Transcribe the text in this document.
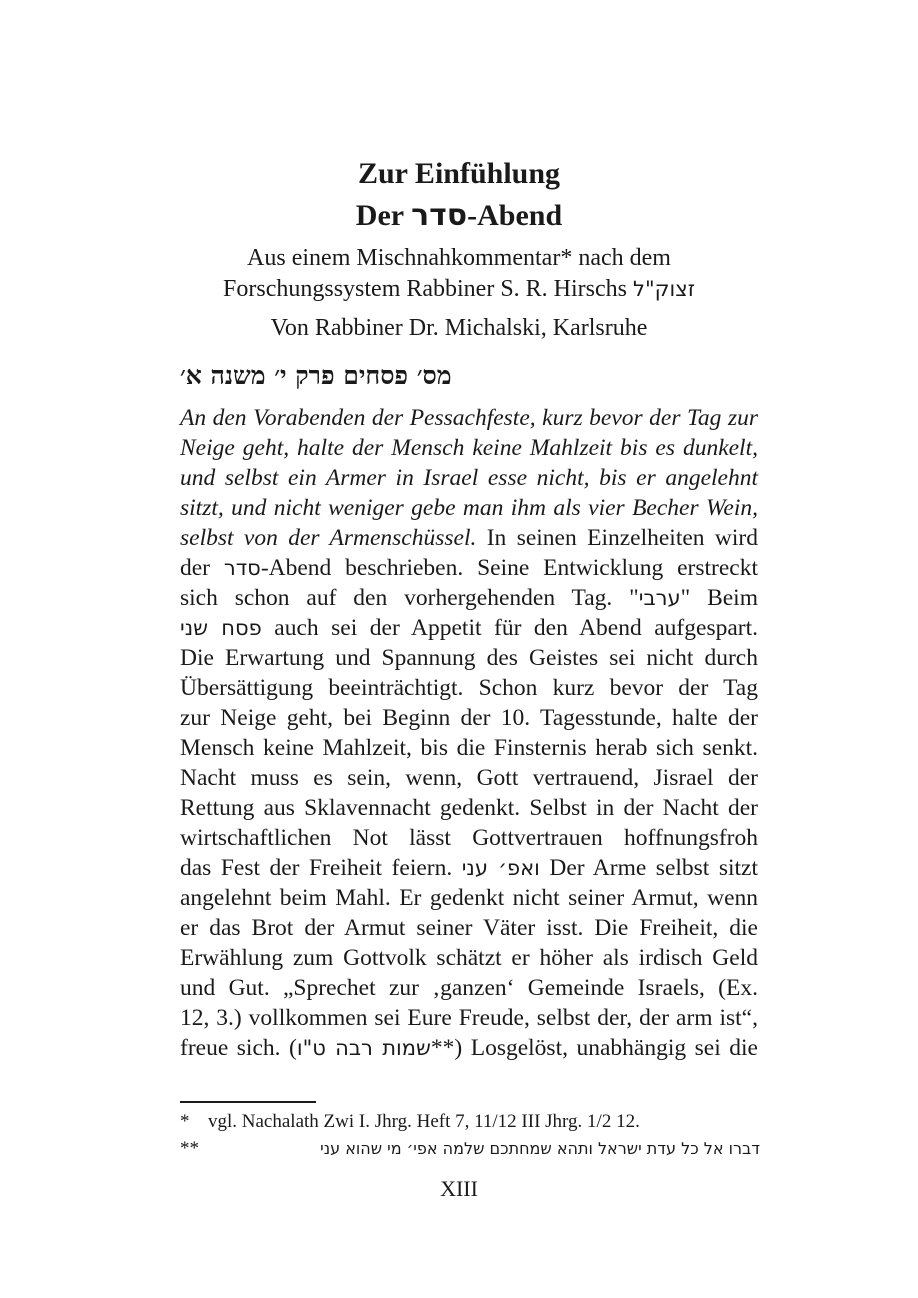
Zur Einfühlung
Der סדר-Abend
Aus einem Mischnahkommentar* nach dem
Forschungssystem Rabbiner S. R. Hirschs זצוק"ל
Von Rabbiner Dr. Michalski, Karlsruhe
מס׳ פסחים פרק י׳ משנה א׳
An den Vorabenden der Pessachfeste, kurz bevor der Tag zur
Neige geht, halte der Mensch keine Mahlzeit bis es dunkelt,
und selbst ein Armer in Israel esse nicht, bis er angelehnt
sitzt, und nicht weniger gebe man ihm als vier Becher Wein,
selbst von der Armenschüssel. In seinen Einzelheiten wird
der סדר-Abend beschrieben. Seine Entwicklung erstreckt
sich schon auf den vorhergehenden Tag. "ערבי" Beim
פסח שני auch sei der Appetit für den Abend aufgespart.
Die Erwartung und Spannung des Geistes sei nicht durch
Übersättigung beeinträchtigt. Schon kurz bevor der Tag
zur Neige geht, bei Beginn der 10. Tagesstunde, halte der
Mensch keine Mahlzeit, bis die Finsternis herab sich senkt.
Nacht muss es sein, wenn, Gott vertrauend, Jisrael der
Rettung aus Sklavennacht gedenkt. Selbst in der Nacht der
wirtschaftlichen Not lässt Gottvertrauen hoffnungsfroh
das Fest der Freiheit feiern. ואפ׳ עני Der Arme selbst sitzt
angelehnt beim Mahl. Er gedenkt nicht seiner Armut, wenn
er das Brot der Armut seiner Väter isst. Die Freiheit, die
Erwählung zum Gottvolk schätzt er höher als irdisch Geld
und Gut. „Sprechet zur ‚ganzen‘ Gemeinde Israels, (Ex.
12, 3.) vollkommen sei Eure Freude, selbst der, der arm ist“,
freue sich. (שמות רבה ט"ו**) Losgelöst, unabhängig sei die
* vgl. Nachalath Zwi I. Jhrg. Heft 7, 11/12 III Jhrg. 1/2 12.
**	דברו אל כל עדת ישראל ותהא שמחתכם שלמה אפי׳ מי שהוא עני
XIII
